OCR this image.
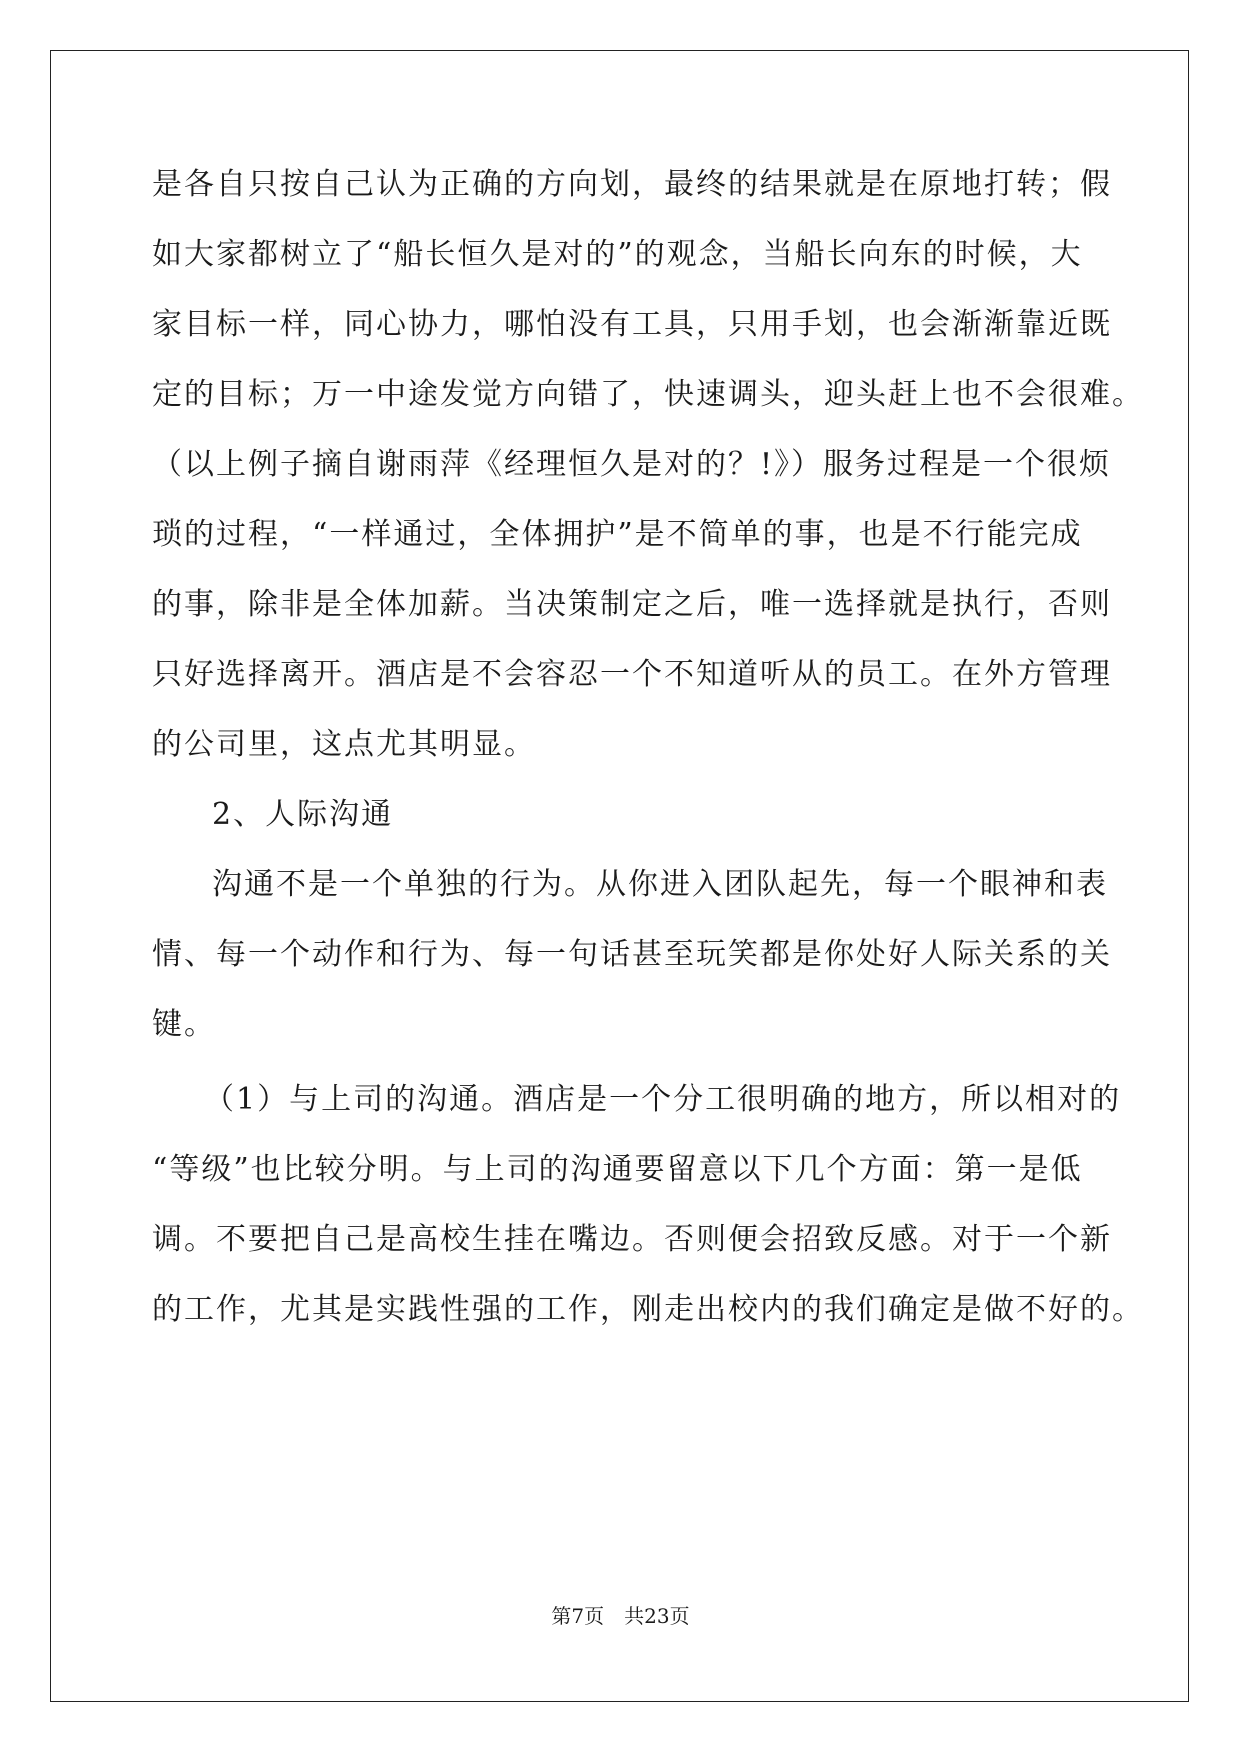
是各自只按自己认为正确的方向划，最终的结果就是在原地打转；假
如大家都树立了“船长恒久是对的”的观念，当船长向东的时候，大
家目标一样，同心协力，哪怕没有工具，只用手划，也会渐渐靠近既
定的目标；万一中途发觉方向错了，快速调头，迎头赶上也不会很难。
（以上例子摘自谢雨萍《经理恒久是对的？!》）服务过程是一个很烦
琐的过程，“一样通过，全体拥护”是不简单的事，也是不行能完成
的事，除非是全体加薪。当决策制定之后，唯一选择就是执行，否则
只好选择离开。酒店是不会容忍一个不知道听从的员工。在外方管理
的公司里，这点尤其明显。
2、人际沟通
沟通不是一个单独的行为。从你进入团队起先，每一个眼神和表
情、每一个动作和行为、每一句话甚至玩笑都是你处好人际关系的关
键。
（1）与上司的沟通。酒店是一个分工很明确的地方，所以相对的
“等级”也比较分明。与上司的沟通要留意以下几个方面：第一是低
调。不要把自己是高校生挂在嘴边。否则便会招致反感。对于一个新
的工作，尤其是实践性强的工作，刚走出校内的我们确定是做不好的。
第7页　共23页
